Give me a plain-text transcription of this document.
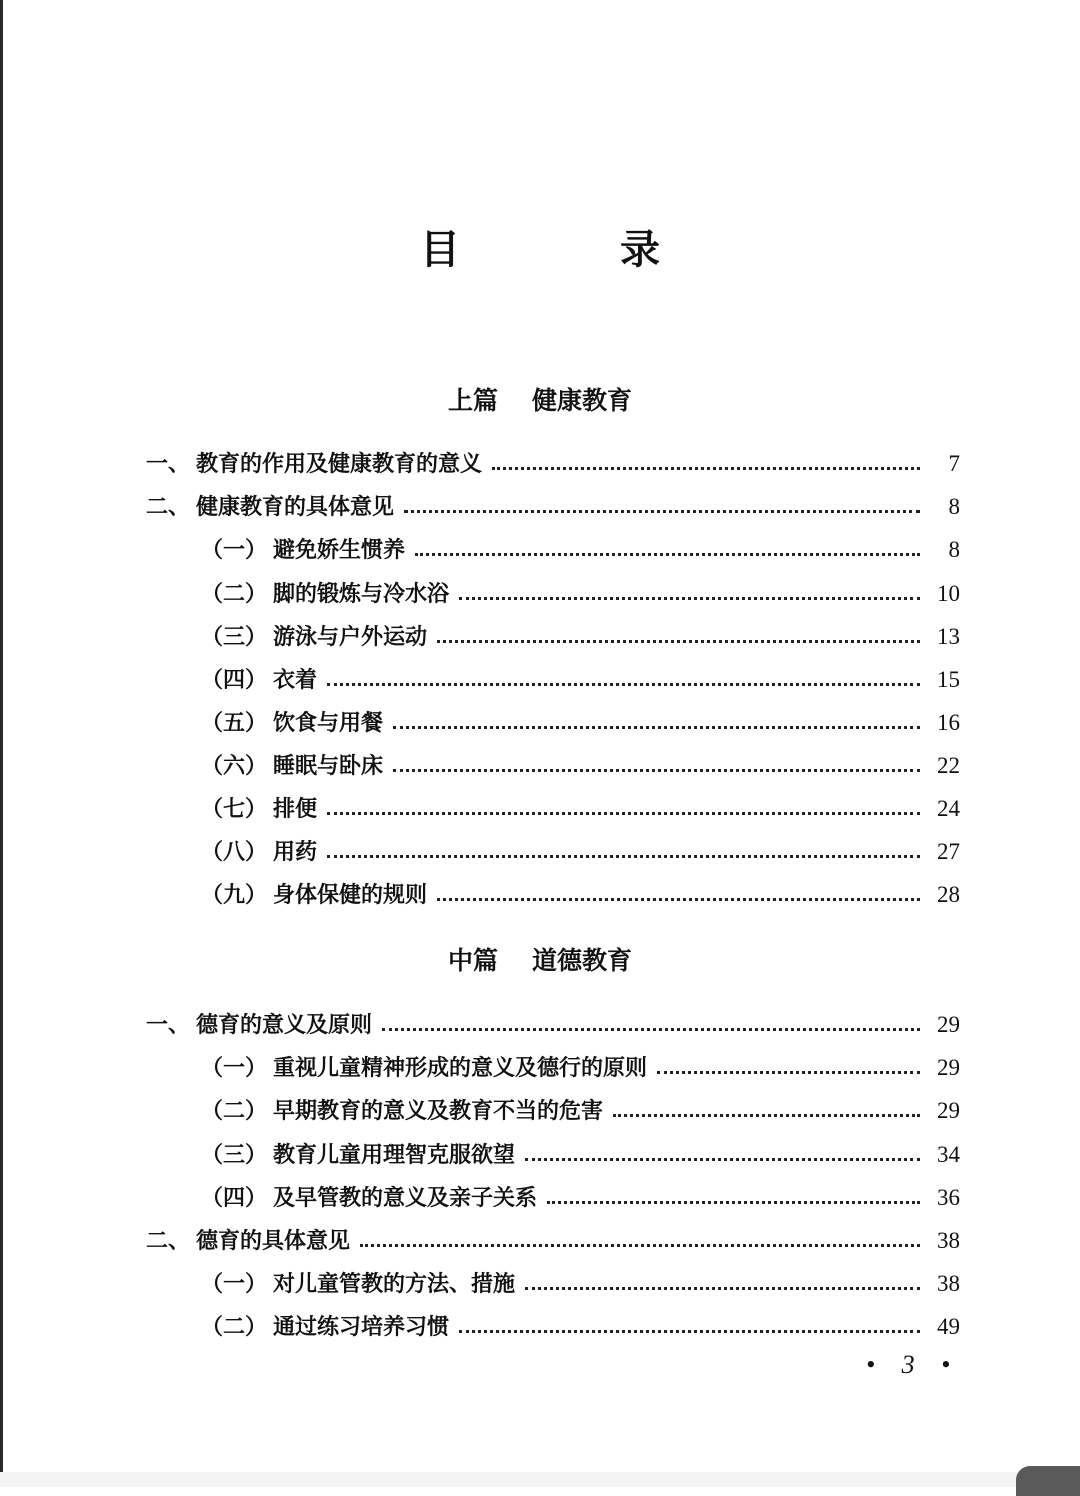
目　录
上篇 健康教育
一、 教育的作用及健康教育的意义	7
二、 健康教育的具体意见	8
（一） 避免娇生惯养	8
（二） 脚的锻炼与冷水浴	10
（三） 游泳与户外运动	13
（四） 衣着	15
（五） 饮食与用餐	16
（六） 睡眠与卧床	22
（七） 排便	24
（八） 用药	27
（九） 身体保健的规则	28
中篇 道德教育
一、 德育的意义及原则	29
（一） 重视儿童精神形成的意义及德行的原则	29
（二） 早期教育的意义及教育不当的危害	29
（三） 教育儿童用理智克服欲望	34
（四） 及早管教的意义及亲子关系	36
二、 德育的具体意见	38
（一） 对儿童管教的方法、措施	38
（二） 通过练习培养习惯	49
• 3 •
